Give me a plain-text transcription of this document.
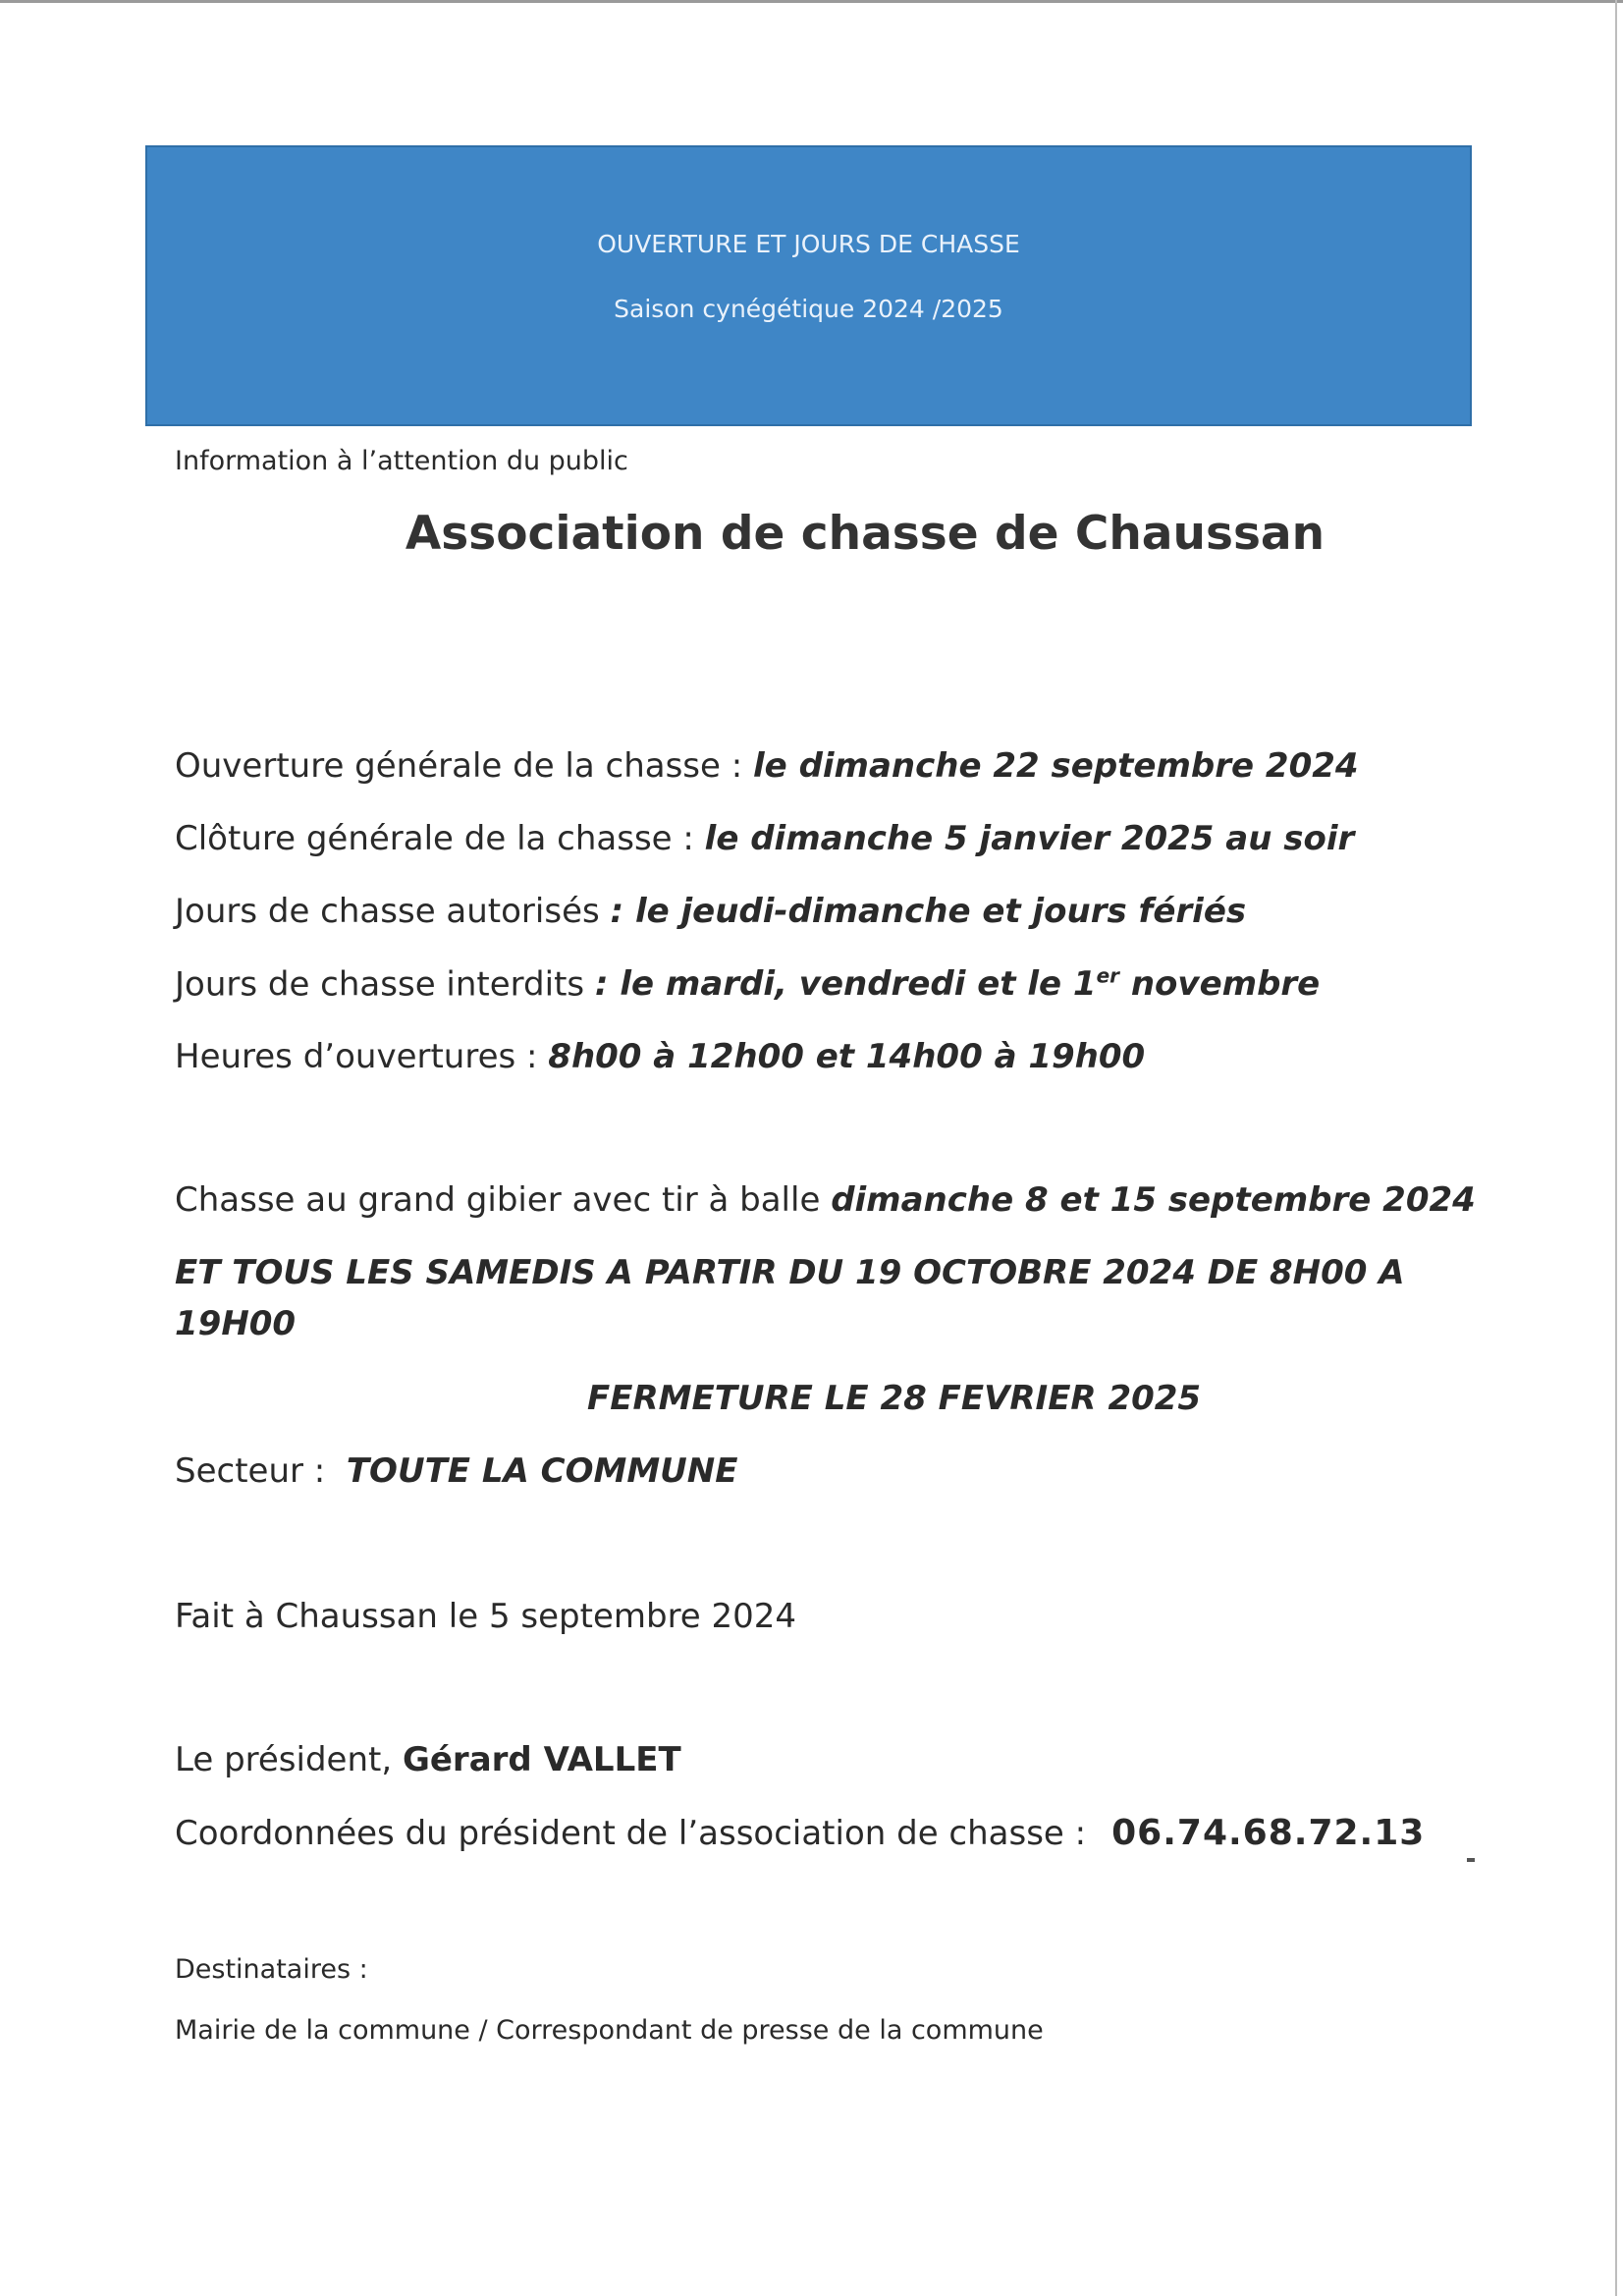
OUVERTURE ET JOURS DE CHASSE
Saison cynégétique 2024 /2025
Information à l’attention du public
Association de chasse de Chaussan
Ouverture générale de la chasse : le dimanche 22 septembre 2024
Clôture générale de la chasse : le dimanche 5 janvier 2025 au soir
Jours de chasse autorisés : le jeudi-dimanche et jours fériés
Jours de chasse interdits : le mardi, vendredi et le 1er novembre
Heures d’ouvertures : 8h00 à 12h00 et 14h00 à 19h00
Chasse au grand gibier avec tir à balle dimanche 8 et 15 septembre 2024
ET TOUS LES SAMEDIS A PARTIR DU 19 OCTOBRE 2024 DE 8H00 A 19H00
FERMETURE LE 28 FEVRIER 2025
Secteur :  TOUTE LA COMMUNE
Fait à Chaussan le 5 septembre 2024
Le président, Gérard VALLET
Coordonnées du président de l’association de chasse : 06.74.68.72.13
Destinataires :
Mairie de la commune / Correspondant de presse de la commune
